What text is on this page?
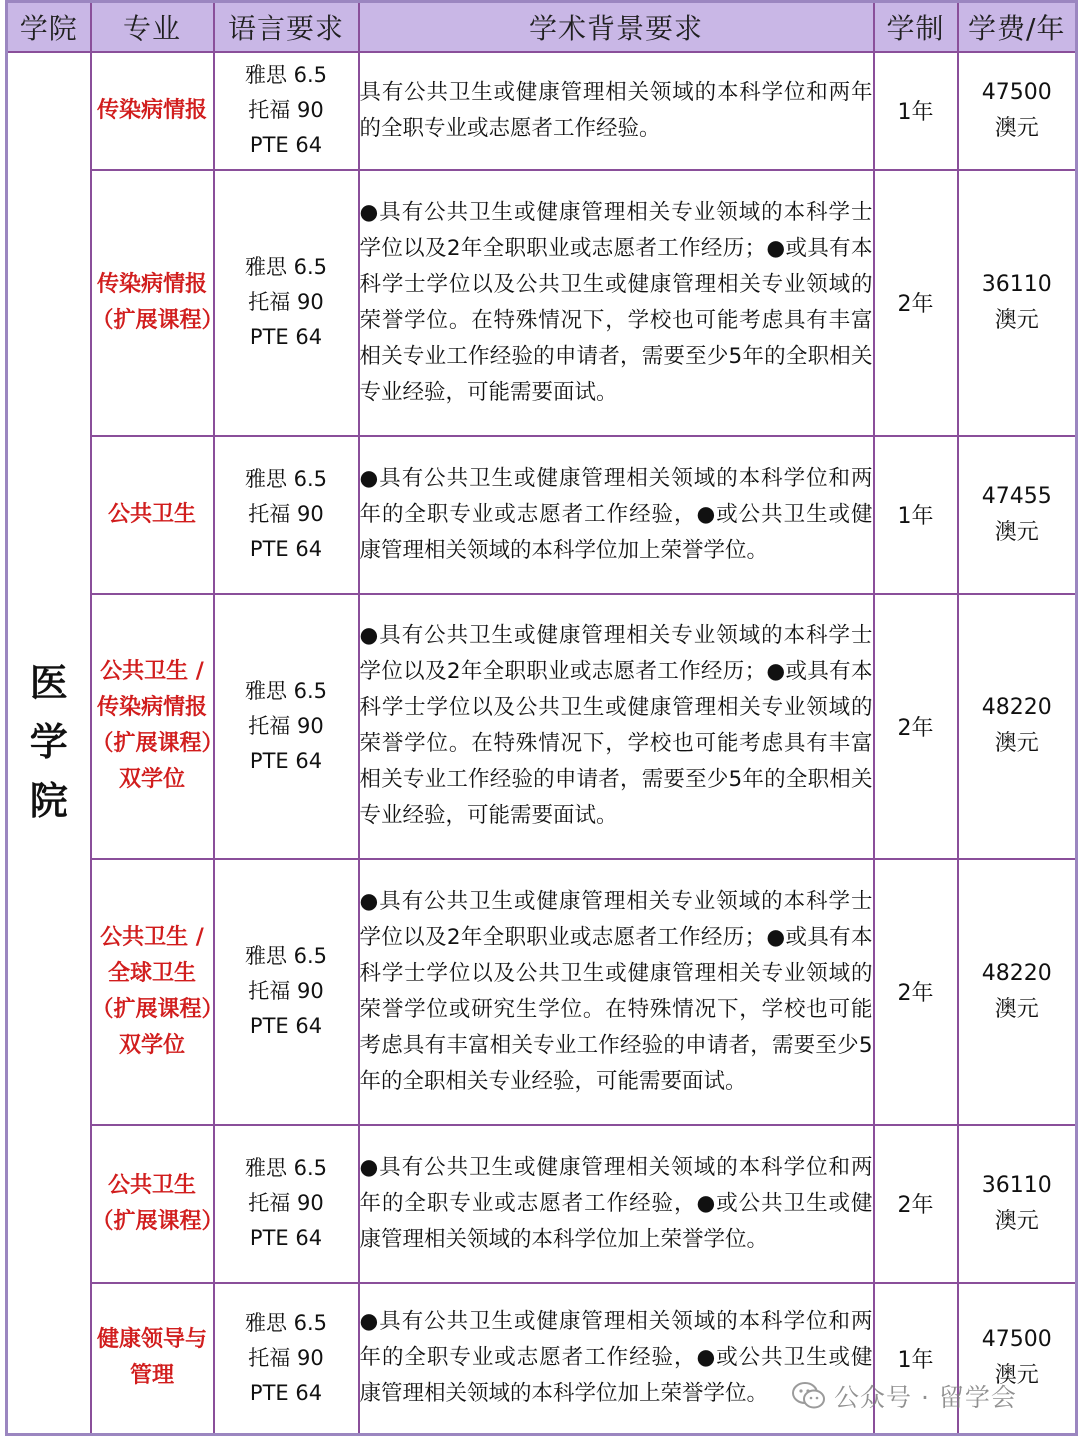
学院	专业	语言要求	学术背景要求	学制	学费/年
医学院	传染病情报	雅思 6.5
托福 90
PTE 64	具有公共卫生或健康管理相关领域的本科学位和两年的全职专业或志愿者工作经验。	1年	47500
澳元
	传染病情报（扩展课程）	雅思 6.5
托福 90
PTE 64	●具有公共卫生或健康管理相关专业领域的本科学士学位以及2年全职职业或志愿者工作经历；●或具有本科学士学位以及公共卫生或健康管理相关专业领域的荣誉学位。在特殊情况下，学校也可能考虑具有丰富相关专业工作经验的申请者，需要至少5年的全职相关专业经验，可能需要面试。	2年	36110
澳元
	公共卫生	雅思 6.5
托福 90
PTE 64	●具有公共卫生或健康管理相关领域的本科学位和两年的全职专业或志愿者工作经验，●或公共卫生或健康管理相关领域的本科学位加上荣誉学位。	1年	47455
澳元
	公共卫生 / 传染病情报（扩展课程）双学位	雅思 6.5
托福 90
PTE 64	●具有公共卫生或健康管理相关专业领域的本科学士学位以及2年全职职业或志愿者工作经历；●或具有本科学士学位以及公共卫生或健康管理相关专业领域的荣誉学位。在特殊情况下，学校也可能考虑具有丰富相关专业工作经验的申请者，需要至少5年的全职相关专业经验，可能需要面试。	2年	48220
澳元
	公共卫生 / 全球卫生（扩展课程）双学位	雅思 6.5
托福 90
PTE 64	●具有公共卫生或健康管理相关专业领域的本科学士学位以及2年全职职业或志愿者工作经历；●或具有本科学士学位以及公共卫生或健康管理相关专业领域的荣誉学位或研究生学位。在特殊情况下，学校也可能考虑具有丰富相关专业工作经验的申请者，需要至少5年的全职相关专业经验，可能需要面试。	2年	48220
澳元
	公共卫生（扩展课程）	雅思 6.5
托福 90
PTE 64	●具有公共卫生或健康管理相关领域的本科学位和两年的全职专业或志愿者工作经验，●或公共卫生或健康管理相关领域的本科学位加上荣誉学位。	2年	36110
澳元
	健康领导与管理	雅思 6.5
托福 90
PTE 64	●具有公共卫生或健康管理相关领域的本科学位和两年的全职专业或志愿者工作经验，●或公共卫生或健康管理相关领域的本科学位加上荣誉学位。	1年	47500
澳元
公众号 · 留学会
